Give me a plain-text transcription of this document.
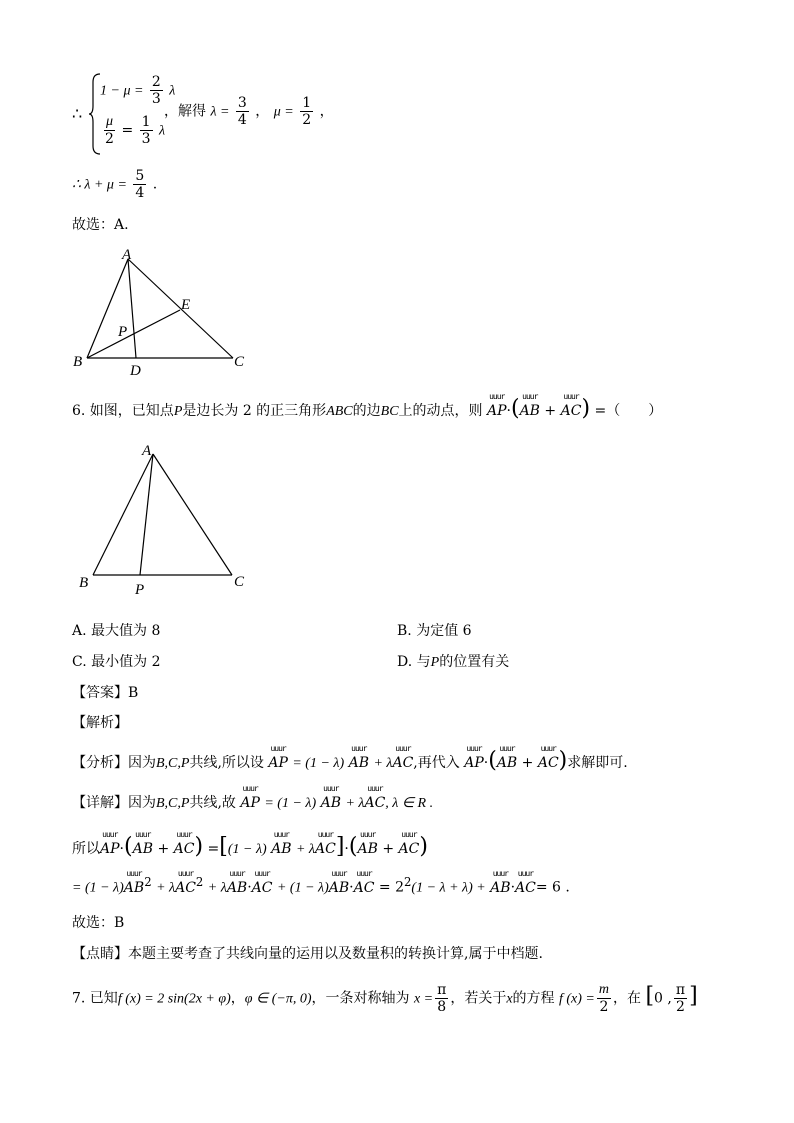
∴
$1 - \mu = \frac{2}{3}$ λ
$\frac{\mu}{2} = \frac{1}{3}$ λ
，解得 $\lambda = \frac{3}{4}$ ， $\mu = \frac{1}{2}$ ，
∴ $\lambda + \mu = \frac{5}{4}$ .
故选：A.
A
B	C
D
E
P
6. 如图，已知点P是边长为 2 的正三角形ABC的边BC上的动点，则 uuur AP·(uuur AB + uuur AC) =（　　）
A
B	C
P
A. 最大值为 8	B. 为定值 6
C. 最小值为 2	D. 与P的位置有关
【答案】B
【解析】
【分析】因为B,C,P共线,所以设 uuur AP = (1 − λ) uuur AB + λuuur AC,再代入 uuur AP·(uuur AB + uuur AC)求解即可.
【详解】因为B,C,P共线,故 uuur AP = (1 − λ) uuur AB + λuuur AC, λ ∈ R .
所以uuur AP·(uuur AB + uuur AC) =[(1 − λ) uuur AB + λuuur AC]·(uuur AB + uuur AC)
= (1 − λ)uuur $AB^2$ + λuuur $AC^2$ + λuuur AB·uuur AC + (1 − λ)uuur AB·uuur AC = $2^2(1 - \lambda + \lambda)$ + uuur AB·uuur AC= 6 .
故选：B
【点睛】本题主要考查了共线向量的运用以及数量积的转换计算,属于中档题.
7. 已知f (x) = 2 sin(2x + φ)，φ ∈ (−π, 0)，一条对称轴为 $x = \frac{\pi}{8}$ ，若关于x的方程 f $(x) = \frac{m}{2}$ ，在 [0 , $\frac{\pi}{2}$ ]
